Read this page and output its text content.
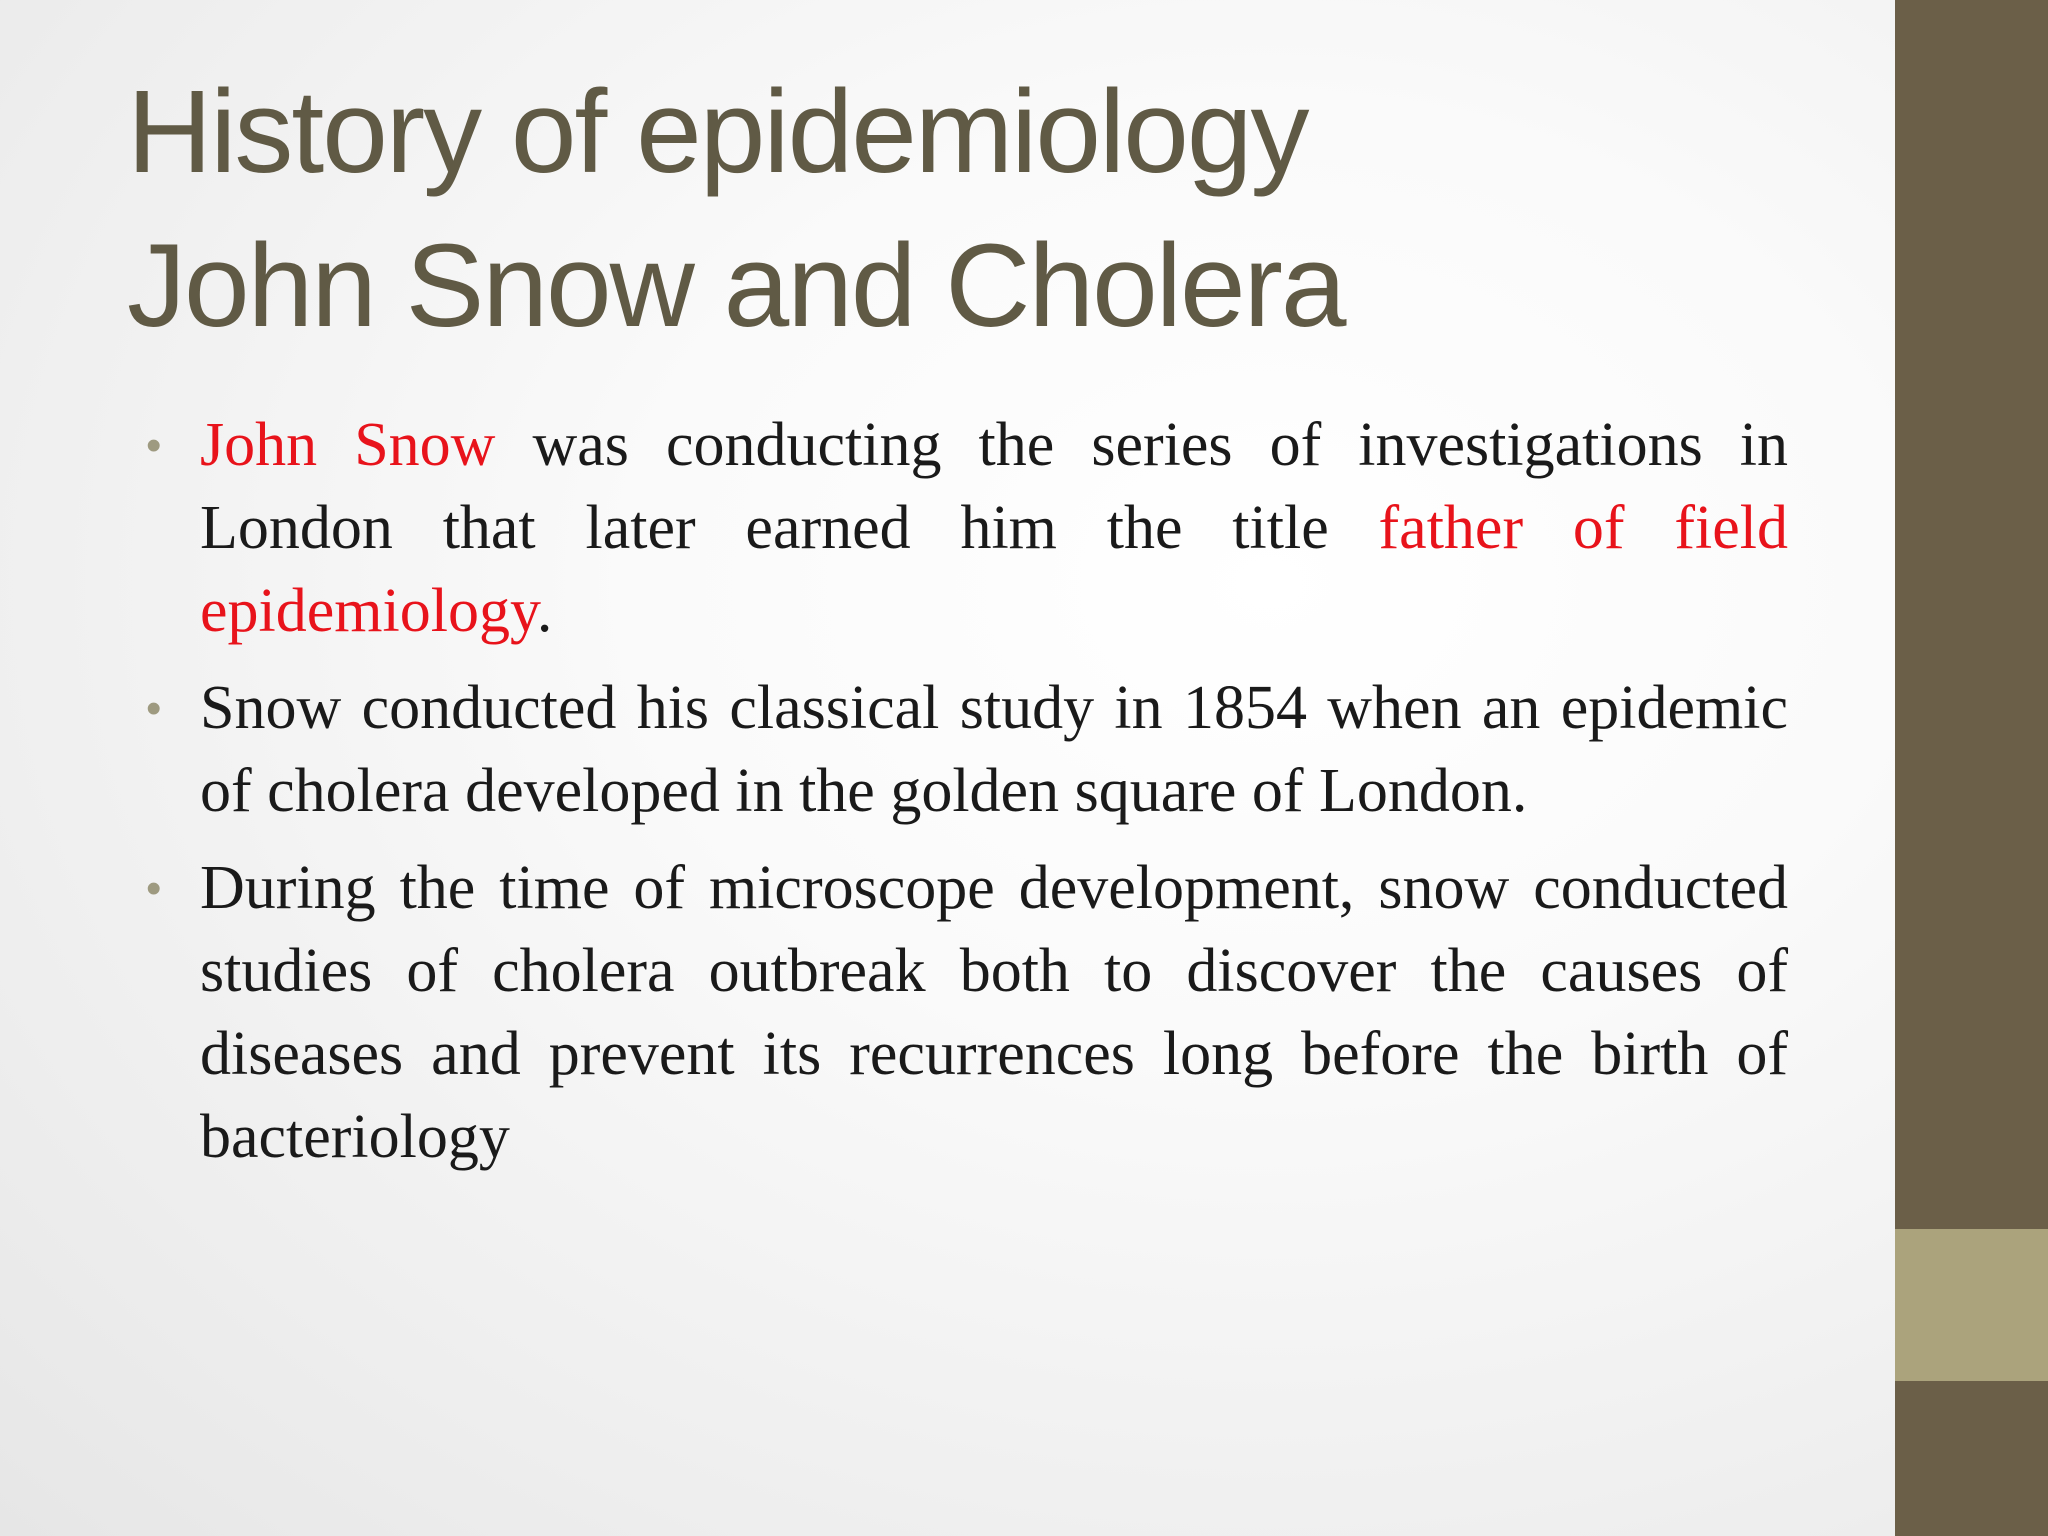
History of epidemiology
John Snow and Cholera
• John Snow was conducting the series of investigations in London that later earned him the title father of field epidemiology.
• Snow conducted his classical study in 1854 when an epidemic of cholera developed in the golden square of London.
• During the time of microscope development, snow conducted studies of cholera outbreak both to discover the causes of diseases and prevent its recurrences long before the birth of bacteriology
